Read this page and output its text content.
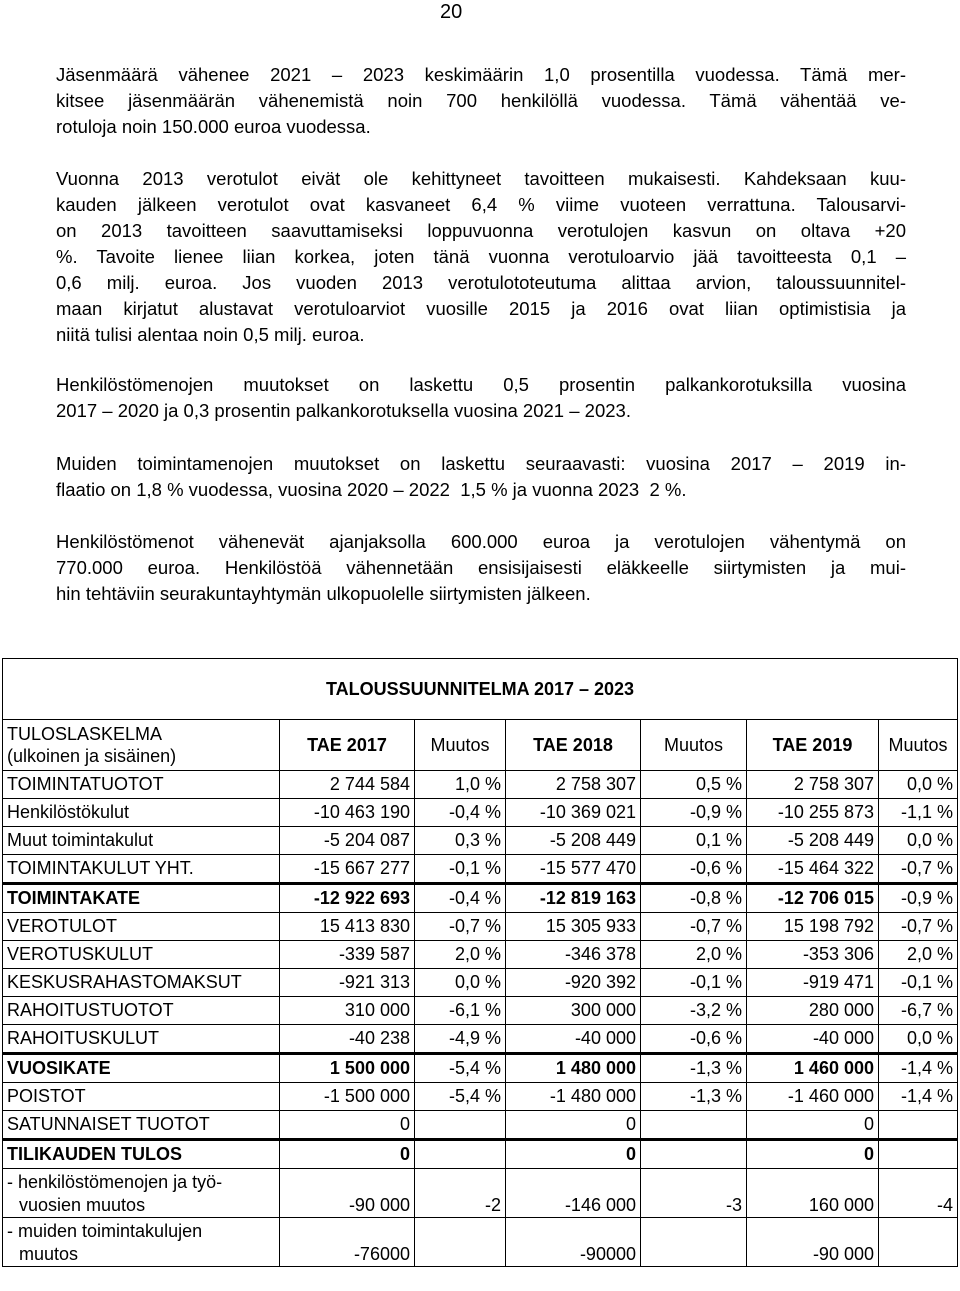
20
Jäsenmäärä vähenee 2021 – 2023 keskimäärin 1,0 prosentilla vuodessa. Tämä mer-
kitsee jäsenmäärän vähenemistä noin 700 henkilöllä vuodessa. Tämä vähentää ve-
rotuloja noin 150.000 euroa vuodessa.
Vuonna 2013 verotulot eivät ole kehittyneet tavoitteen mukaisesti. Kahdeksaan kuu-
kauden jälkeen verotulot ovat kasvaneet 6,4 % viime vuoteen verrattuna. Talousarvi-
on 2013 tavoitteen saavuttamiseksi loppuvuonna verotulojen kasvun on oltava +20
%. Tavoite lienee liian korkea, joten tänä vuonna verotuloarvio jää tavoitteesta 0,1 –
0,6 milj. euroa. Jos vuoden 2013 verotulototeutuma alittaa arvion, taloussuunnitel-
maan kirjatut alustavat verotuloarviot vuosille 2015 ja 2016 ovat liian optimistisia ja
niitä tulisi alentaa noin 0,5 milj. euroa.
Henkilöstömenojen muutokset on laskettu 0,5 prosentin palkankorotuksilla vuosina
2017 – 2020 ja 0,3 prosentin palkankorotuksella vuosina 2021 – 2023.
Muiden toimintamenojen muutokset on laskettu seuraavasti: vuosina 2017 – 2019 in-
flaatio on 1,8 % vuodessa, vuosina 2020 – 2022  1,5 % ja vuonna 2023  2 %.
Henkilöstömenot vähenevät ajanjaksolla 600.000 euroa ja verotulojen vähentymä on
770.000 euroa. Henkilöstöä vähennetään ensisijaisesti eläkkeelle siirtymisten ja mui-
hin tehtäviin seurakuntayhtymän ulkopuolelle siirtymisten jälkeen.
TALOUSSUUNNITELMA 2017 – 2023						

TULOSLASKELMA
(ulkoinen ja sisäinen)	TAE 2017	Muutos	TAE 2018	Muutos	TAE 2019	Muutos
TOIMINTATUOTOT	2 744 584	1,0 %	2 758 307	0,5 %	2 758 307	0,0 %
Henkilöstökulut	-10 463 190	-0,4 %	-10 369 021	-0,9 %	-10 255 873	-1,1 %
Muut toimintakulut	-5 204 087	0,3 %	-5 208 449	0,1 %	-5 208 449	0,0 %
TOIMINTAKULUT YHT.	-15 667 277	-0,1 %	-15 577 470	-0,6 %	-15 464 322	-0,7 %
TOIMINTAKATE	-12 922 693	-0,4 %	-12 819 163	-0,8 %	-12 706 015	-0,9 %
VEROTULOT	15 413 830	-0,7 %	15 305 933	-0,7 %	15 198 792	-0,7 %
VEROTUSKULUT	-339 587	2,0 %	-346 378	2,0 %	-353 306	2,0 %
KESKUSRAHASTOMAKSUT	-921 313	0,0 %	-920 392	-0,1 %	-919 471	-0,1 %
RAHOITUSTUOTOT	310 000	-6,1 %	300 000	-3,2 %	280 000	-6,7 %
RAHOITUSKULUT	-40 238	-4,9 %	-40 000	-0,6 %	-40 000	0,0 %
VUOSIKATE	1 500 000	-5,4 %	1 480 000	-1,3 %	1 460 000	-1,4 %
POISTOT	-1 500 000	-5,4 %	-1 480 000	-1,3 %	-1 460 000	-1,4 %
SATUNNAISET TUOTOT	0		0		0	
TILIKAUDEN TULOS	0		0		0	

- henkilöstömenojen ja työ-
vuosien muutos	-90 000	-2	-146 000	-3	160 000	-4

- muiden toimintakulujen
muutos	-76000		-90000		-90 000	
